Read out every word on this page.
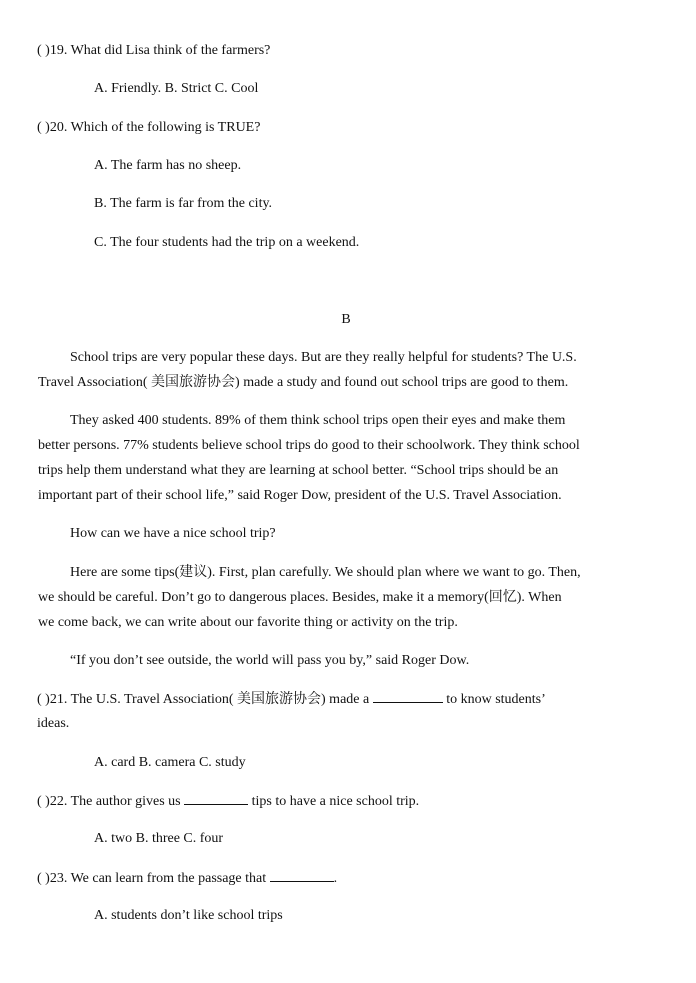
( )19. What did Lisa think of the farmers?
A. Friendly. B. Strict C. Cool
( )20. Which of the following is TRUE?
A. The farm has no sheep.
B. The farm is far from the city.
C. The four students had the trip on a weekend.
B
School trips are very popular these days. But are they really helpful for students? The U.S.
Travel Association( 美国旅游协会) made a study and found out school trips are good to them.
They asked 400 students. 89% of them think school trips open their eyes and make them
better persons. 77% students believe school trips do good to their schoolwork. They think school
trips help them understand what they are learning at school better. “School trips should be an
important part of their school life,” said Roger Dow, president of the U.S. Travel Association.
How can we have a nice school trip?
Here are some tips(建议). First, plan carefully. We should plan where we want to go. Then,
we should be careful. Don’t go to dangerous places. Besides, make it a memory(回忆). When
we come back, we can write about our favorite thing or activity on the trip.
“If you don’t see outside, the world will pass you by,” said Roger Dow.
( )21. The U.S. Travel Association( 美国旅游协会) made a	to know students’
ideas.
A. card B. camera C. study
( )22. The author gives us	tips to have a nice school trip.
A. two B. three C. four
( )23. We can learn from the passage that	.
A. students don’t like school trips
